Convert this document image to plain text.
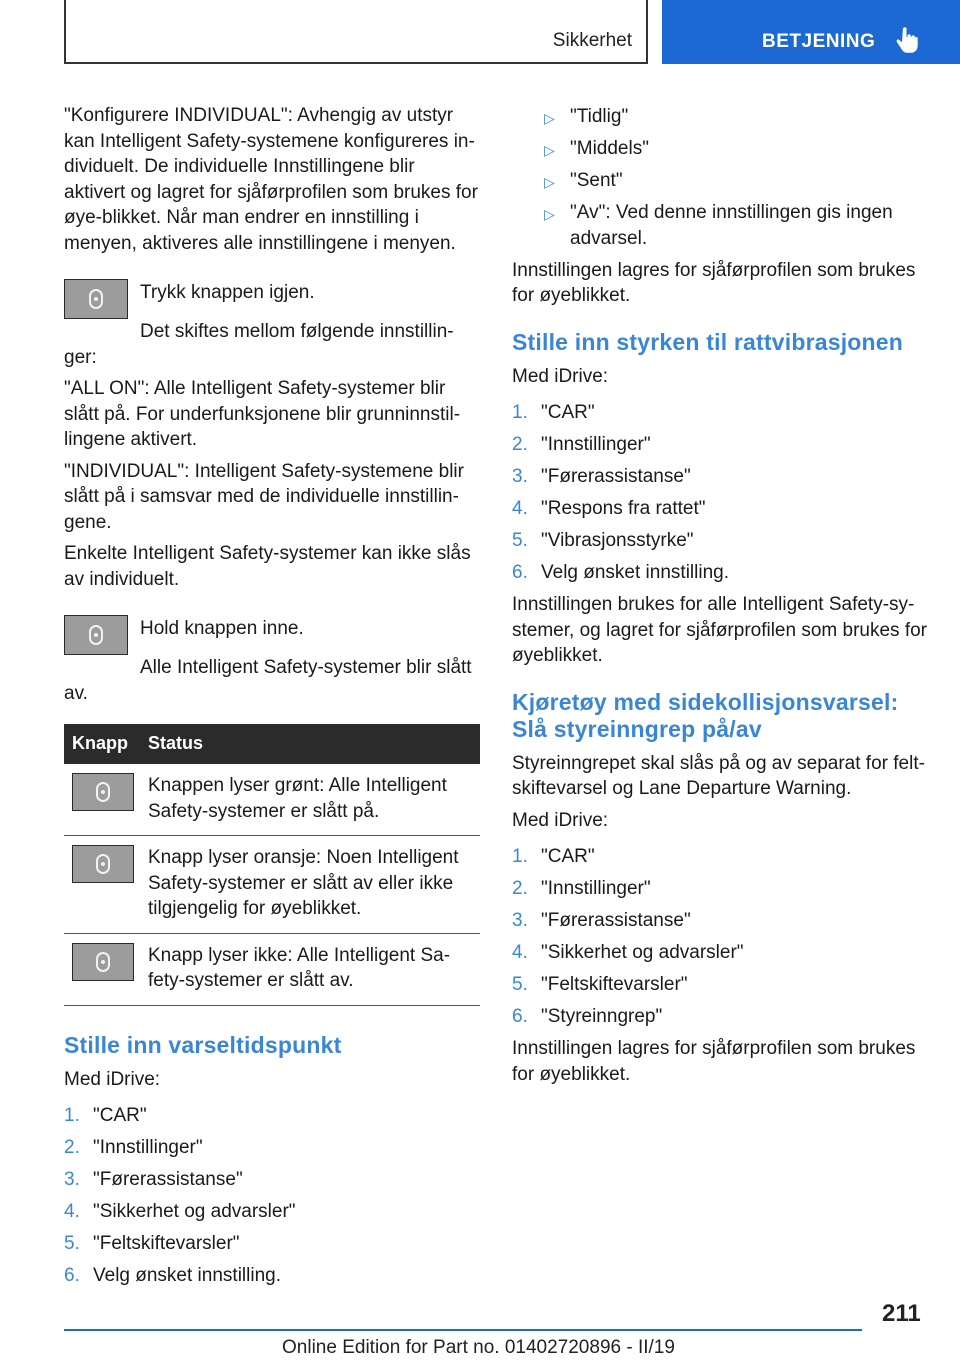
Sikkerhet	BETJENING

"Konfigurere INDIVIDUAL": Avhengig av utstyr kan Intelligent Safety-systemene konfigureres in-dividuelt. De individuelle Innstillingene blir aktivert og lagret for sjåførprofilen som brukes for øye-blikket. Når man endrer en innstilling i menyen, aktiveres alle innstillingene i menyen.

Trykk knappen igjen.

Det skiftes mellom følgende innstillin-ger:

"ALL ON": Alle Intelligent Safety-systemer blir slått på. For underfunksjonene blir grunninnstil-lingene aktivert.

"INDIVIDUAL": Intelligent Safety-systemene blir slått på i samsvar med de individuelle innstillin-gene.

Enkelte Intelligent Safety-systemer kan ikke slås av individuelt.

Hold knappen inne.

Alle Intelligent Safety-systemer blir slått av.

Knapp	Status
Knappen lyser grønt: Alle Intelligent Safety-systemer er slått på.
Knapp lyser oransje: Noen Intelligent Safety-systemer er slått av eller ikke tilgjengelig for øyeblikket.
Knapp lyser ikke: Alle Intelligent Sa-fety-systemer er slått av.
Stille inn varseltidspunkt

Med iDrive:

1. "CAR"
2. "Innstillinger"
3. "Førerassistanse"
4. "Sikkerhet og advarsler"
5. "Feltskiftevarsler"
6. Velg ønsket innstilling.
▷ "Tidlig"
▷ "Middels"
▷ "Sent"
▷ "Av": Ved denne innstillingen gis ingen advarsel.

Innstillingen lagres for sjåførprofilen som brukes for øyeblikket.

Stille inn styrken til rattvibrasjonen

Med iDrive:

1. "CAR"
2. "Innstillinger"
3. "Førerassistanse"
4. "Respons fra rattet"
5. "Vibrasjonsstyrke"
6. Velg ønsket innstilling.

Innstillingen brukes for alle Intelligent Safety-sy-stemer, og lagret for sjåførprofilen som brukes for øyeblikket.

Kjøretøy med sidekollisjonsvarsel: Slå styreinngrep på/av

Styreinngrepet skal slås på og av separat for felt-skiftevarsel og Lane Departure Warning.

Med iDrive:

1. "CAR"
2. "Innstillinger"
3. "Førerassistanse"
4. "Sikkerhet og advarsler"
5. "Feltskiftevarsler"
6. "Styreinngrep"

Innstillingen lagres for sjåførprofilen som brukes for øyeblikket.

211
Online Edition for Part no. 01402720896 - II/19
